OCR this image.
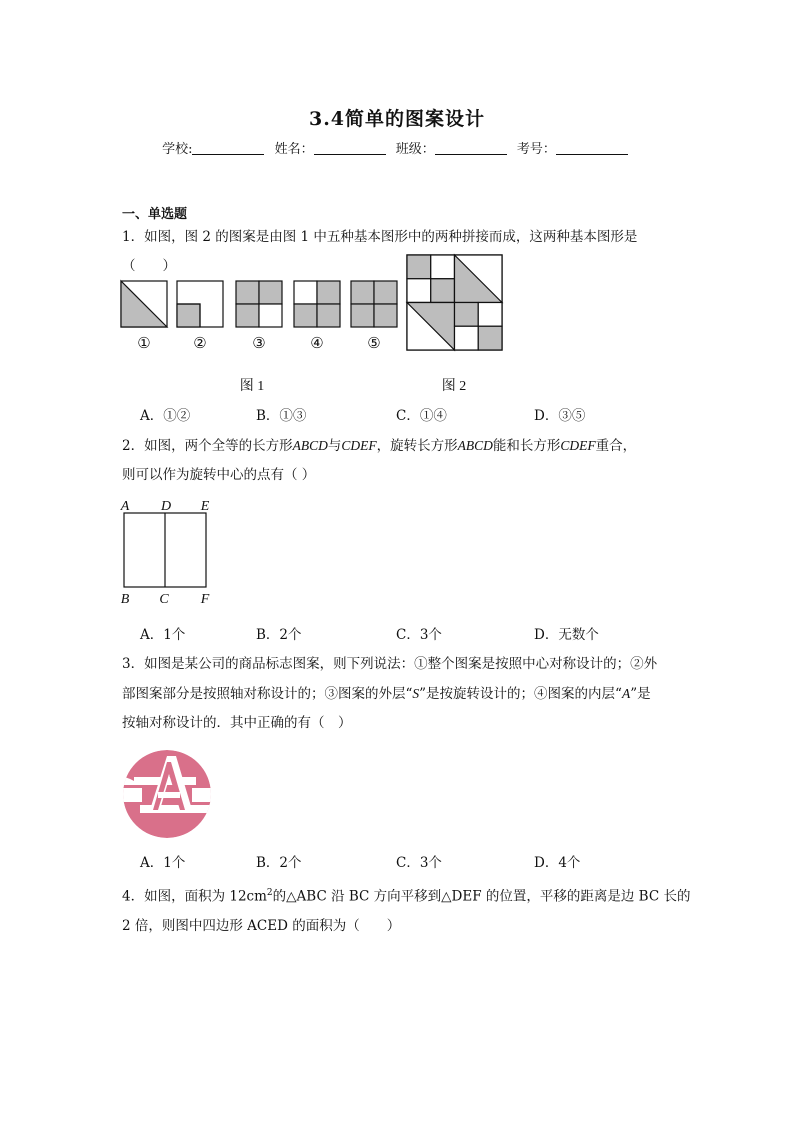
3.4简单的图案设计
学校:	姓名：	班级：	考号：
一、单选题
1．如图，图 2 的图案是由图 1 中五种基本图形中的两种拼接而成，这两种基本图形是（　　）
①	②	③	④	⑤
图 1	图 2
A．①②	B．①③	C．①④	D．③⑤
2．如图，两个全等的长方形ABCD与CDEF，旋转长方形ABCD能和长方形CDEF重合，
则可以作为旋转中心的点有（ ）
A D E
B C F
A．1个	B．2个	C．3个	D．无数个
3．如图是某公司的商品标志图案，则下列说法：①整个图案是按照中心对称设计的；②外
部图案部分是按照轴对称设计的；③图案的外层“S”是按旋转设计的；④图案的内层“A”是
按轴对称设计的．其中正确的有（　）
A．1个	B．2个	C．3个	D．4个
4．如图，面积为 $12cm^2$的△ABC 沿 BC 方向平移到△DEF 的位置，平移的距离是边 BC 长的
2 倍，则图中四边形 ACED 的面积为（　　）
